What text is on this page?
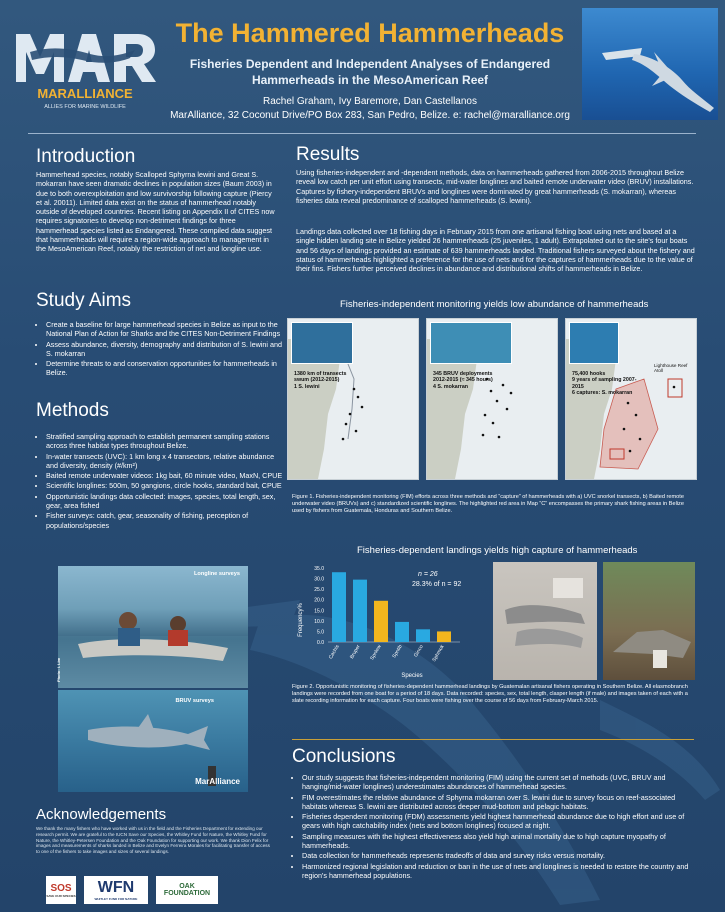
MARALLIANCE
ALLIES FOR MARINE WILDLIFE
The Hammered Hammerheads
Fisheries Dependent and Independent Analyses of Endangered
Hammerheads in the MesoAmerican Reef
Rachel Graham, Ivy Baremore, Dan Castellanos
MarAlliance, 32 Coconut Drive/PO Box 283, San Pedro, Belize. e: rachel@maralliance.org
Introduction
Hammerhead species, notably Scalloped Sphyrna lewini and Great S. mokarran have seen dramatic declines in population sizes (Baum 2003) in due to both overexploitation and low survivorship following capture (Piercy et al. 20011). Limited data exist on the status of hammerhead notably outside of developed countries. Recent listing on Appendix II of CITES now requires signatories to develop non-detriment findings for three hammerhead species listed as Endangered. These compiled data suggest that hammerheads will require a region-wide approach to management in the MesoAmerican Reef, notably the restriction of net and longline use.
Study Aims
• Create a baseline for large hammerhead species in Belize as input to the National Plan of Action for Sharks and the CITES Non-Detriment Findings
• Assess abundance, diversity, demography and distribution of S. lewini and S. mokarran
• Determine threats to and conservation opportunities for hammerheads in Belize.
Methods
• Stratified sampling approach to establish permanent sampling stations across three habitat types throughout Belize.
• In-water transects (UVC): 1 km long x 4 transectors, relative abundance and diversity, density (#/km²)
• Baited remote underwater videos: 1kg bait, 60 minute video, MaxN, CPUE
• Scientific longlines: 500m, 50 gangions, circle hooks, standard bait, CPUE
• Opportunistic landings data collected: images, species, total length, sex, gear, area fished
• Fisher surveys: catch, gear, seasonality of fishing, perception of populations/species
Longline surveys
Photo: I. Lim
BRUV surveys
MarAlliance
Acknowledgements
We thank the many fishers who have worked with us in the field and the Fisheries Department for extending our research permit. We are grateful to the IUCN Save our Species, the Whitley Fund for Nature, the Whitley Fund for Nature, the Whitley-Petersen Foundation and the Oak Foundation for supporting our work. We thank Dion Felix for images and measurements of sharks landed in Belize and Evelyn Ferreira Morales for facilitating transfer of access to one of the fishers to take images and sizes of several landings.
SOS
SAVE OUR SPECIES WFN
WHITLEY FUND FOR NATURE
OAK FOUNDATION
Results
Using fisheries-independent and -dependent methods, data on hammerheads gathered from 2006-2015 throughout Belize reveal low catch per unit effort using transects, mid-water longlines and baited remote underwater video (BRUV) installations. Captures by fishery-independent BRUVs and longlines were dominated by great hammerheads (S. mokarran), whereas fisheries data reveal predominance of scalloped hammerheads (S. lewini).
Landings data collected over 18 fishing days in February 2015 from one artisanal fishing boat using nets and based at a single hidden landing site in Belize yielded 26 hammerheads (25 juveniles, 1 adult). Extrapolated out to the site's four boats and 56 days of landings provided an estimate of 639 hammerheads landed. Traditional fishers surveyed about the fishery and status of hammerheads highlighted a preference for the use of nets and for the captures of hammerheads due to the value of their fins. Fishers further perceived declines in abundance and distributional shifts of hammerheads in Belize.
Fisheries-independent monitoring yields low abundance of hammerheads
1380 km of transects
swum (2012-2015)
1 S. lewini
345 BRUV deployments
2012-2015 (≈ 345 hours)
4 S. mokarran
75,400 hooks
9 years of sampling 2007-
2015
6 captures: S. mokarran
Lighthouse Reef Atoll
Figure 1. Fisheries-independent monitoring (FIM) efforts across three methods and “capture” of hammerheads with a) UVC snorkel transects, b) Baited remote underwater video (BRUVs) and c) standardized scientific longlines. The highlighted red area in Map “C” encompasses the primary shark fishing areas in Belize used by fishers from Guatemala, Honduras and Southern Belize.
Fisheries-dependent landings yields high capture of hammerheads
Frequency%
Species
n = 26
28.3% of n = 92
0.0
5.0
10.0
15.0
20.0
25.0
30.0
35.0
Cachis Bruper Spnlew Spntib Ginco Sphmok
Figure 2. Opportunistic monitoring of fisheries-dependent hammerhead landings by Guatemalan artisanal fishers operating in Southern Belize. All elasmobranch landings were recorded from one boat for a period of 18 days. Data recorded: species, sex, total length, clasper length (if male) and images taken of each with a slate recording information for each capture. Four boats were fishing over the course of 56 days from February-March 2015.
Conclusions
• Our study suggests that fisheries-independent monitoring (FIM) using the current set of methods (UVC, BRUV and hanging/mid-water longlines) underestimates abundances of hammerhead species.
• FIM overestimates the relative abundance of Sphyrna mokarran over S. lewini due to survey focus on reef-associated habitats whereas S. lewini are distributed across deeper mud-bottom and pelagic habitats.
• Fisheries dependent monitoring (FDM) assessments yield highest hammerhead abundance due to high effort and use of gears with high catchability index (nets and bottom longlines) focused at night.
• Sampling measures with the highest effectiveness also yield high animal mortality due to high capture myopathy of hammerheads.
• Data collection for hammerheads represents tradeoffs of data and survey risks versus mortality.
• Harmonized regional legislation and reduction or ban in the use of nets and longlines is needed to restore the country and region's hammerhead populations.
